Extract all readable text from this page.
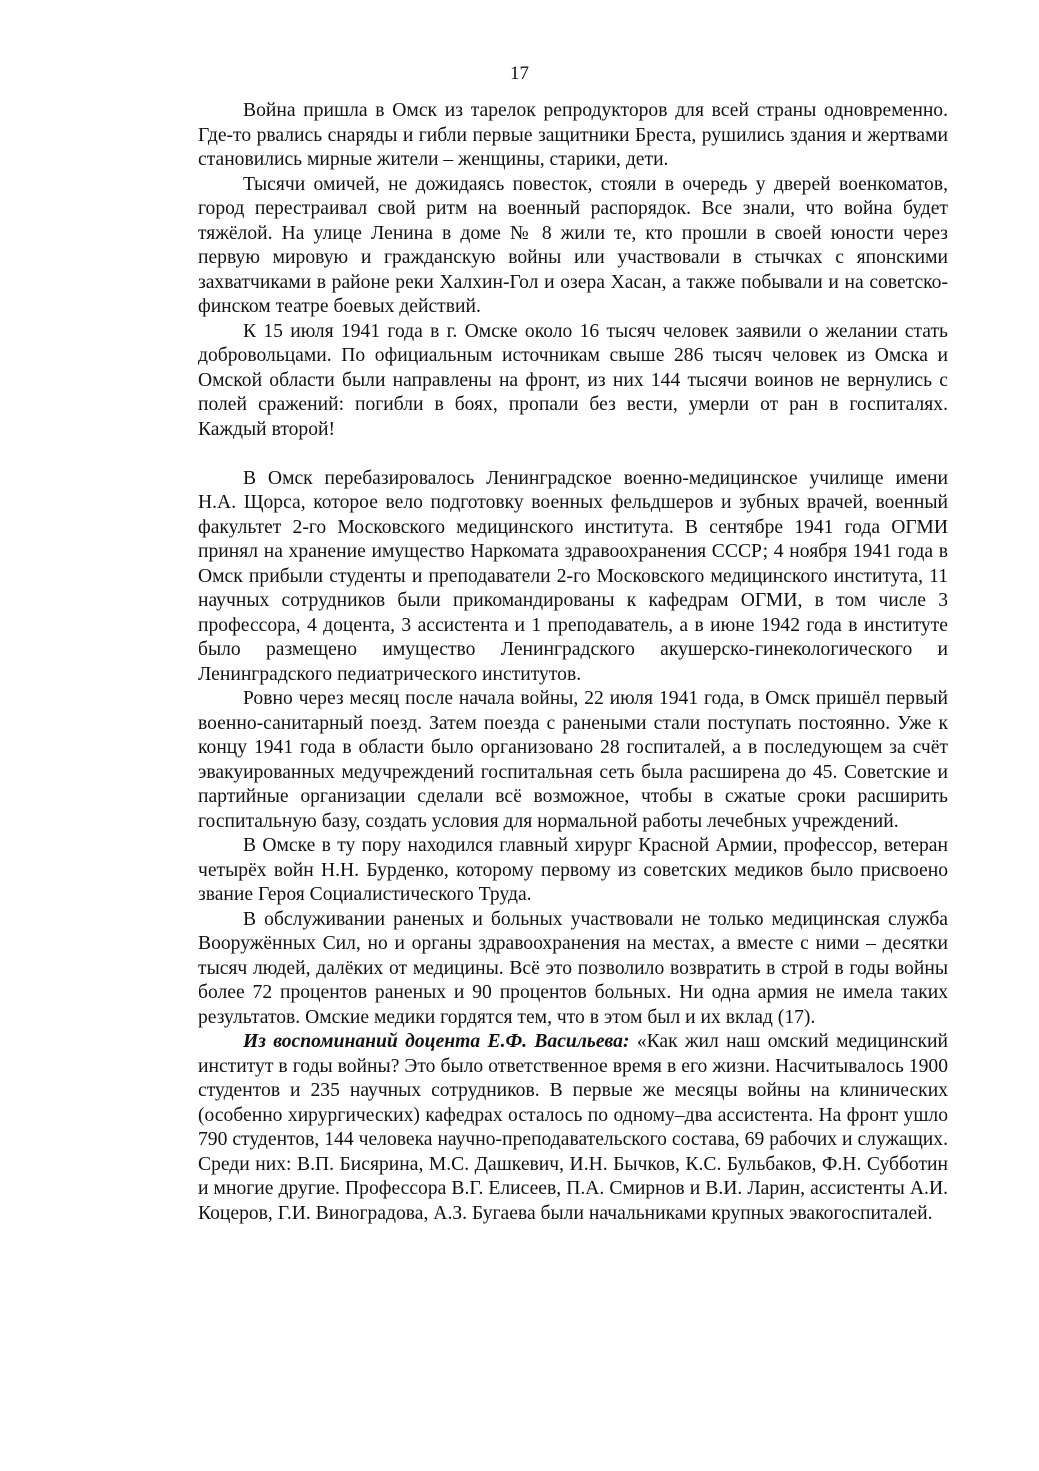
17

Война пришла в Омск из тарелок репродукторов для всей страны одновременно. Где-то рвались снаряды и гибли первые защитники Бреста, рушились здания и жертвами становились мирные жители – женщины, старики, дети.

Тысячи омичей, не дожидаясь повесток, стояли в очередь у дверей военкоматов, город перестраивал свой ритм на военный распорядок. Все знали, что война будет тяжёлой. На улице Ленина в доме № 8 жили те, кто прошли в своей юности через первую мировую и гражданскую войны или участвовали в стычках с японскими захватчиками в районе реки Халхин-Гол и озера Хасан, а также побывали и на советско-финском театре боевых действий.

К 15 июля 1941 года в г. Омске около 16 тысяч человек заявили о желании стать добровольцами. По официальным источникам свыше 286 тысяч человек из Омска и Омской области были направлены на фронт, из них 144 тысячи воинов не вернулись с полей сражений: погибли в боях, пропали без вести, умерли от ран в госпиталях. Каждый второй!

В Омск перебазировалось Ленинградское военно-медицинское училище имени Н.А. Щорса, которое вело подготовку военных фельдшеров и зубных врачей, военный факультет 2-го Московского медицинского института. В сентябре 1941 года ОГМИ принял на хранение имущество Наркомата здравоохранения СССР; 4 ноября 1941 года в Омск прибыли студенты и преподаватели 2-го Московского медицинского института, 11 научных сотрудников были прикомандированы к кафедрам ОГМИ, в том числе 3 профессора, 4 доцента, 3 ассистента и 1 преподаватель, а в июне 1942 года в институте было размещено имущество Ленинградского акушерско-гинекологического и Ленинградского педиатрического институтов.

Ровно через месяц после начала войны, 22 июля 1941 года, в Омск пришёл первый военно-санитарный поезд. Затем поезда с ранеными стали поступать постоянно. Уже к концу 1941 года в области было организовано 28 госпиталей, а в последующем за счёт эвакуированных медучреждений госпитальная сеть была расширена до 45. Советские и партийные организации сделали всё возможное, чтобы в сжатые сроки расширить госпитальную базу, создать условия для нормальной работы лечебных учреждений.

В Омске в ту пору находился главный хирург Красной Армии, профессор, ветеран четырёх войн Н.Н. Бурденко, которому первому из советских медиков было присвоено звание Героя Социалистического Труда.

В обслуживании раненых и больных участвовали не только медицинская служба Вооружённых Сил, но и органы здравоохранения на местах, а вместе с ними – десятки тысяч людей, далёких от медицины. Всё это позволило возвратить в строй в годы войны более 72 процентов раненых и 90 процентов больных. Ни одна армия не имела таких результатов. Омские медики гордятся тем, что в этом был и их вклад (17).

Из воспоминаний доцента Е.Ф. Васильева: «Как жил наш омский медицинский институт в годы войны? Это было ответственное время в его жизни. Насчитывалось 1900 студентов и 235 научных сотрудников. В первые же месяцы войны на клинических (особенно хирургических) кафедрах осталось по одному–два ассистента. На фронт ушло 790 студентов, 144 человека научно-преподавательского состава, 69 рабочих и служащих. Среди них: В.П. Бисярина, М.С. Дашкевич, И.Н. Бычков, К.С. Бульбаков, Ф.Н. Субботин и многие другие. Профессора В.Г. Елисеев, П.А. Смирнов и В.И. Ларин, ассистенты А.И. Коцеров, Г.И. Виноградова, А.З. Бугаева были начальниками крупных эвакогоспиталей.
